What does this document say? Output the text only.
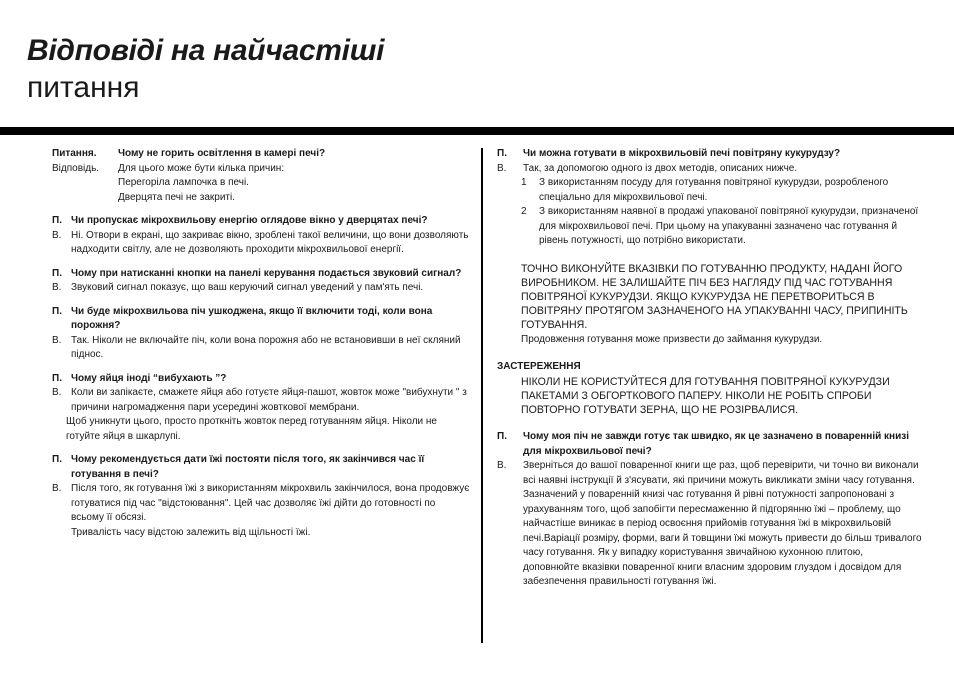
Відповіді на найчастіші
питання
Питання.	Чому не горить освітлення в камері печі?
Відповідь.	Для цього може бути кілька причин:
Перегоріла лампочка в печі.
Дверцята печі не закриті.
П. Чи пропускає мікрохвильову енергію оглядове вікно у дверцятах печі?
В. Ні. Отвори в екрані, що закриває вікно, зроблені такої величини, що вони дозволяють надходити світлу, але не дозволяють проходити мікрохвильової енергії.
П. Чому при натисканні кнопки на панелі керування подається звуковий сигнал?
В. Звуковий сигнал показує, що ваш керуючий сигнал уведений у пам'ять печі.
П. Чи буде мікрохвильова піч ушкоджена, якщо її включити тоді, коли вона порожня?
В. Так. Ніколи не включайте піч, коли вона порожня або не встановивши в неї скляний піднос.
П. Чому яйця іноді “вибухають ”?
В. Коли ви запікаєте, смажете яйця або готуєте яйця-пашот, жовток може "вибухнути " з причини нагромадження пари усередині жовткової мембрани.
Щоб уникнути цього, просто проткніть жовток перед готуванням яйця. Ніколи не готуйте яйця в шкарлупі.
П. Чому рекомендується дати їжі постояти після того, як закінчився час її готування в печі?
В. Після того, як готування їжі з використанням мікрохвиль закінчилося, вона продовжує готуватися під час "відстоювання". Цей час дозволяє їжі дійти до готовності по всьому її обсязі.
Тривалість часу відстою залежить від щільності їжі.
П.	Чи можна готувати в мікрохвильовій печі повітряну кукурудзу?
В.	Так, за допомогою одного із двох методів, описаних нижче.
1	З використанням посуду для готування повітряної кукурудзи, розробленого спеціально для мікрохвильової печі.
2	З використанням наявної в продажі упакованої повітряної кукурудзи, призначеної для мікрохвильової печі. При цьому на упакуванні зазначено час готування й рівень потужності, що потрібно використати.
ТОЧНО ВИКОНУЙТЕ ВКАЗІВКИ ПО ГОТУВАННЮ ПРОДУКТУ, НАДАНІ ЙОГО ВИРОБНИКОМ. НЕ ЗАЛИШАЙТЕ ПІЧ БЕЗ НАГЛЯДУ ПІД ЧАС ГОТУВАННЯ ПОВІТРЯНОЇ КУКУРУДЗИ. ЯКЩО КУКУРУДЗА НЕ ПЕРЕТВОРИТЬСЯ В ПОВІТРЯНУ ПРОТЯГОМ ЗАЗНАЧЕНОГО НА УПАКУВАННІ ЧАСУ, ПРИПИНІТЬ ГОТУВАННЯ.
Продовження готування може призвести до займання кукурудзи.
ЗАСТЕРЕЖЕННЯ
НІКОЛИ НЕ КОРИСТУЙТЕСЯ ДЛЯ ГОТУВАННЯ ПОВІТРЯНОЇ КУКУРУДЗИ ПАКЕТАМИ З ОБГОРТКОВОГО ПАПЕРУ. НІКОЛИ НЕ РОБІТЬ СПРОБИ ПОВТОРНО ГОТУВАТИ ЗЕРНА, ЩО НЕ РОЗІРВАЛИСЯ.
П.	Чому моя піч не завжди готує так швидко, як це зазначено в поваренній книзі для мікрохвильової печі?
В.	Зверніться до вашої поваренної книги ще раз, щоб перевірити, чи точно ви виконали всі наявні інструкції й з'ясувати, які причини можуть викликати зміни часу готування. Зазначений у поваренній книзі час готування й рівні потужності запропоновані з урахуванням того, щоб запобігти пересмаженню й підгорянню їжі – проблему, що найчастіше виникає в період освоєння прийомів готування їжі в мікрохвильовій печі.Варіації розміру, форми, ваги й товщини їжі можуть привести до більш тривалого часу готування. Як у випадку користування звичайною кухонною плитою, доповнюйте вказівки поваренної книги власним здоровим глуздом і досвідом для забезпечення правильності готування їжі.
